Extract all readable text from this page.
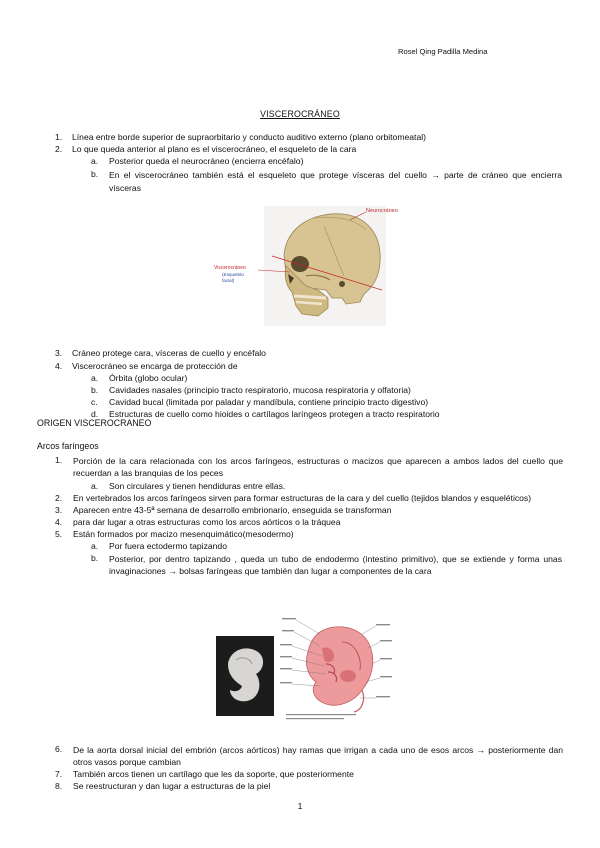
Rosel Qing Padilla Medina
VISCEROCRÁNEO
1. Línea entre borde superior de supraorbitario y conducto auditivo externo (plano orbitomeatal)
2. Lo que queda anterior al plano es el viscerocráneo, el esqueleto de la cara
a. Posterior queda el neurocráneo (encierra encéfalo)
b. En el viscerocráneo también está el esqueleto que protege vísceras del cuello → parte de cráneo que encierra vísceras
Neurocráneo
Viscerocráneo
(Esqueleto
facial)
3. Cráneo protege cara, vísceras de cuello y encéfalo
4. Viscerocráneo se encarga de protección de
a. Órbita (globo ocular)
b. Cavidades nasales (principio tracto respiratorio, mucosa respiratoria y olfatoria)
c. Cavidad bucal (limitada por paladar y mandíbula, contiene principio tracto digestivo)
d. Estructuras de cuello como hioides o cartílagos laríngeos protegen a tracto respiratorio
ORIGEN VISCEROCRANEO
Arcos faríngeos
1. Porción de la cara relacionada con los arcos faríngeos, estructuras o macizos que aparecen a ambos lados del cuello que recuerdan a las branquias de los peces
a. Son circulares y tienen hendiduras entre ellas.
2. En vertebrados los arcos faríngeos sirven para formar estructuras de la cara y del cuello (tejidos blandos y esqueléticos)
3. Aparecen entre 43-5ª semana de desarrollo embrionario, enseguida se transforman
4. para dar lugar a otras estructuras como los arcos aórticos o la tráquea
5. Están formados por macizo mesenquimático(mesodermo)
a. Por fuera ectodermo tapizando
b. Posterior, por dentro tapizando , queda un tubo de endodermo (intestino primitivo), que se extiende y forma unas invaginaciones → bolsas faríngeas que también dan lugar a componentes de la cara
6. De la aorta dorsal inicial del embrión (arcos aórticos) hay ramas que irrigan a cada uno de esos arcos → posteriormente dan otros vasos porque cambian
7. También arcos tienen un cartílago que les da soporte, que posteriormente
8. Se reestructuran y dan lugar a estructuras de la piel
1
